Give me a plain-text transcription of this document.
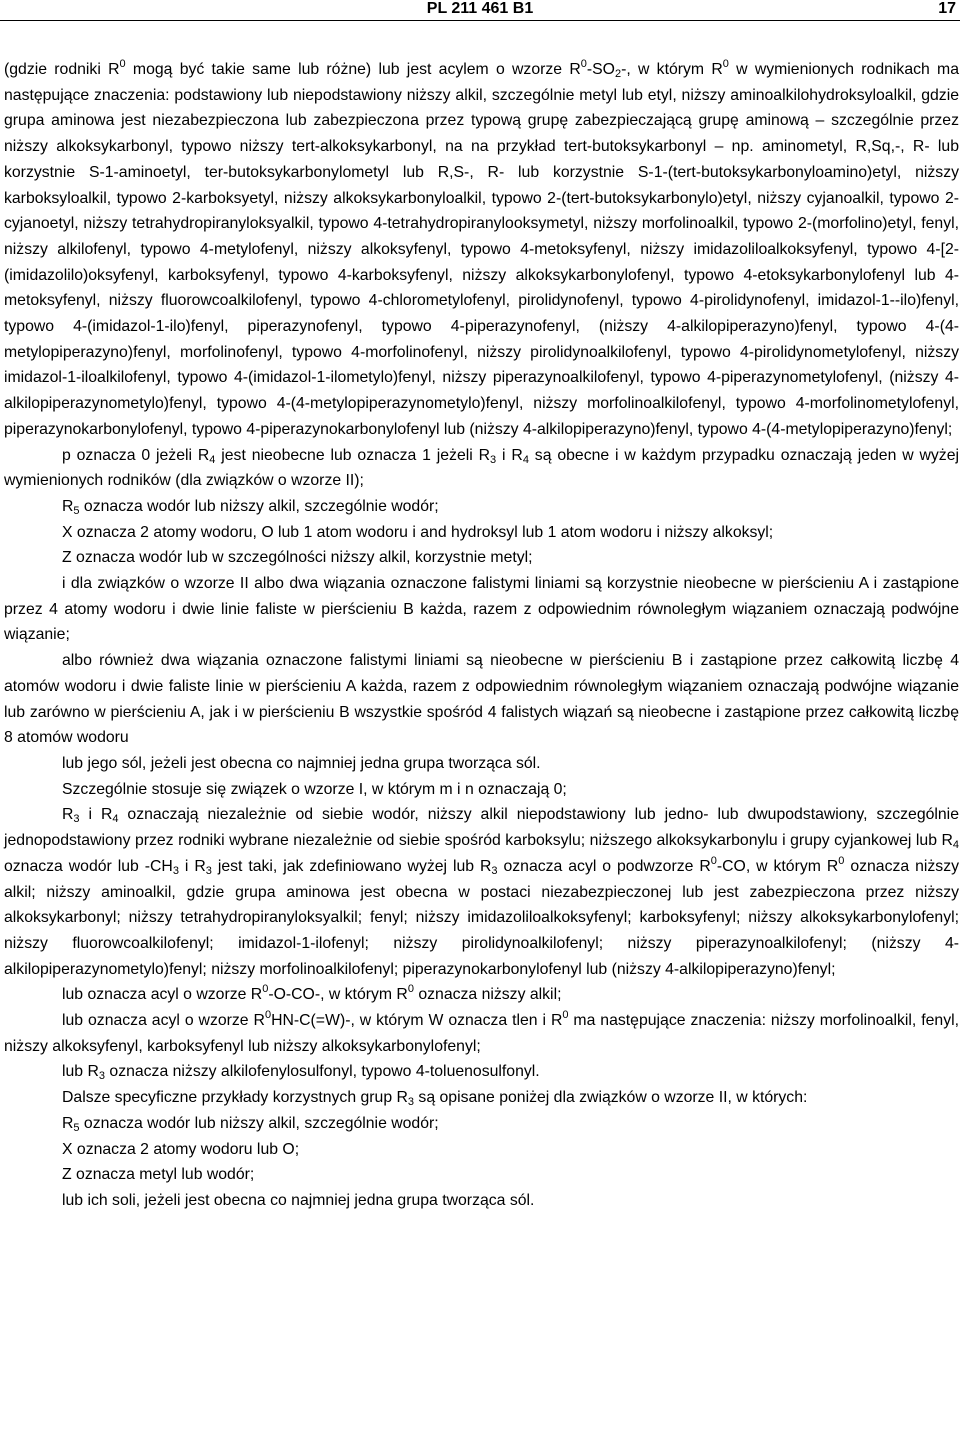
PL 211 461 B1	17

(gdzie rodniki $R^0$ mogą być takie same lub różne) lub jest acylem o wzorze $R^0-SO_2-$, w którym $R^0$ w wymienionych rodnikach ma następujące znaczenia: podstawiony lub niepodstawiony niższy alkil, szczególnie metyl lub etyl, niższy aminoalkilohydroksyloalkil, gdzie grupa aminowa jest niezabezpieczona lub zabezpieczona przez typową grupę zabezpieczającą grupę aminową – szczególnie przez niższy alkoksykarbonyl, typowo niższy tert-alkoksykarbonyl, na na przykład tert-butoksykarbonyl – np. aminometyl, R,Sq,-, R- lub korzystnie S-1-aminoetyl, ter-butoksykarbonylometyl lub R,S-, R- lub korzystnie S-1-(tert-butoksykarbonyloamino)etyl, niższy karboksyloalkil, typowo 2-karboksyetyl, niższy alkoksykarbonyloalkil, typowo 2-(tert-butoksykarbonylo)etyl, niższy cyjanoalkil, typowo 2-cyjanoetyl, niższy tetrahydropiranyloksyalkil, typowo 4-tetrahydropiranylooksymetyl, niższy morfolinoalkil, typowo 2-(morfolino)etyl, fenyl, niższy alkilofenyl, typowo 4-metylofenyl, niższy alkoksyfenyl, typowo 4-metoksyfenyl, niższy imidazoliloalkoksyfenyl, typowo 4-[2-(imidazolilo)oksyfenyl, karboksyfenyl, typowo 4-karboksyfenyl, niższy alkoksykarbonylofenyl, typowo 4-etoksykarbonylofenyl lub 4-metoksyfenyl, niższy fluorowcoalkilofenyl, typowo 4-chlorometylofenyl, pirolidynofenyl, typowo 4-pirolidynofenyl, imidazol-1--ilo)fenyl, typowo 4-(imidazol-1-ilo)fenyl, piperazynofenyl, typowo 4-piperazynofenyl, (niższy 4-alkilopiperazyno)fenyl, typowo 4-(4-metylopiperazyno)fenyl, morfolinofenyl, typowo 4-morfolinofenyl, niższy pirolidynoalkilofenyl, typowo 4-pirolidynometylofenyl, niższy imidazol-1-iloalkilofenyl, typowo 4-(imidazol-1-ilometylo)fenyl, niższy piperazynoalkilofenyl, typowo 4-piperazynometylofenyl, (niższy 4-alkilopiperazynometylo)fenyl, typowo 4-(4-metylopiperazynometylo)fenyl, niższy morfolinoalkilofenyl, typowo 4-morfolinometylofenyl, piperazynokarbonylofenyl, typowo 4-piperazynokarbonylofenyl lub (niższy 4-alkilopiperazyno)fenyl, typowo 4-(4-metylopiperazyno)fenyl;

p oznacza 0 jeżeli $R_4$ jest nieobecne lub oznacza 1 jeżeli $R_3$ i $R_4$ są obecne i w każdym przypadku oznaczają jeden w wyżej wymienionych rodników (dla związków o wzorze II);

$R_5$ oznacza wodór lub niższy alkil, szczególnie wodór;

X oznacza 2 atomy wodoru, O lub 1 atom wodoru i and hydroksyl lub 1 atom wodoru i niższy alkoksyl;

Z oznacza wodór lub w szczególności niższy alkil, korzystnie metyl;

i dla związków o wzorze II albo dwa wiązania oznaczone falistymi liniami są korzystnie nieobecne w pierścieniu A i zastąpione przez 4 atomy wodoru i dwie linie faliste w pierścieniu B każda, razem z odpowiednim równoległym wiązaniem oznaczają podwójne wiązanie;

albo również dwa wiązania oznaczone falistymi liniami są nieobecne w pierścieniu B i zastąpione przez całkowitą liczbę 4 atomów wodoru i dwie faliste linie w pierścieniu A każda, razem z odpowiednim równoległym wiązaniem oznaczają podwójne wiązanie lub zarówno w pierścieniu A, jak i w pierścieniu B wszystkie spośród 4 falistych wiązań są nieobecne i zastąpione przez całkowitą liczbę 8 atomów wodoru

lub jego sól, jeżeli jest obecna co najmniej jedna grupa tworząca sól.

Szczególnie stosuje się związek o wzorze I, w którym m i n oznaczają 0;

$R_3$ i $R_4$ oznaczają niezależnie od siebie wodór, niższy alkil niepodstawiony lub jedno- lub dwupodstawiony, szczególnie jednopodstawiony przez rodniki wybrane niezależnie od siebie spośród karboksylu; niższego alkoksykarbonylu i grupy cyjankowej lub $R_4$ oznacza wodór lub $-CH_3$ i $R_3$ jest taki, jak zdefiniowano wyżej lub $R_3$ oznacza acyl o podwzorze $R^0-CO$, w którym $R^0$ oznacza niższy alkil; niższy aminoalkil, gdzie grupa aminowa jest obecna w postaci niezabezpieczonej lub jest zabezpieczona przez niższy alkoksykarbonyl; niższy tetrahydropiranyloksyalkil; fenyl; niższy imidazoliloalkoksyfenyl; karboksyfenyl; niższy alkoksykarbonylofenyl; niższy fluorowcoalkilofenyl; imidazol-1-ilofenyl; niższy pirolidynoalkilofenyl; niższy piperazynoalkilofenyl; (niższy 4-alkilopiperazynometylo)fenyl; niższy morfolinoalkilofenyl; piperazynokarbonylofenyl lub (niższy 4-alkilopiperazyno)fenyl;

lub oznacza acyl o wzorze $R^0-O-CO-$, w którym $R^0$ oznacza niższy alkil;

lub oznacza acyl o wzorze $R^0HN-C(=W)-$, w którym W oznacza tlen i $R^0$ ma następujące znaczenia: niższy morfolinoalkil, fenyl, niższy alkoksyfenyl, karboksyfenyl lub niższy alkoksykarbonylofenyl;

lub $R_3$ oznacza niższy alkilofenylosulfonyl, typowo 4-toluenosulfonyl.

Dalsze specyficzne przykłady korzystnych grup $R_3$ są opisane poniżej dla związków o wzorze II, w których:

$R_5$ oznacza wodór lub niższy alkil, szczególnie wodór;

X oznacza 2 atomy wodoru lub O;

Z oznacza metyl lub wodór;

lub ich soli, jeżeli jest obecna co najmniej jedna grupa tworząca sól.
